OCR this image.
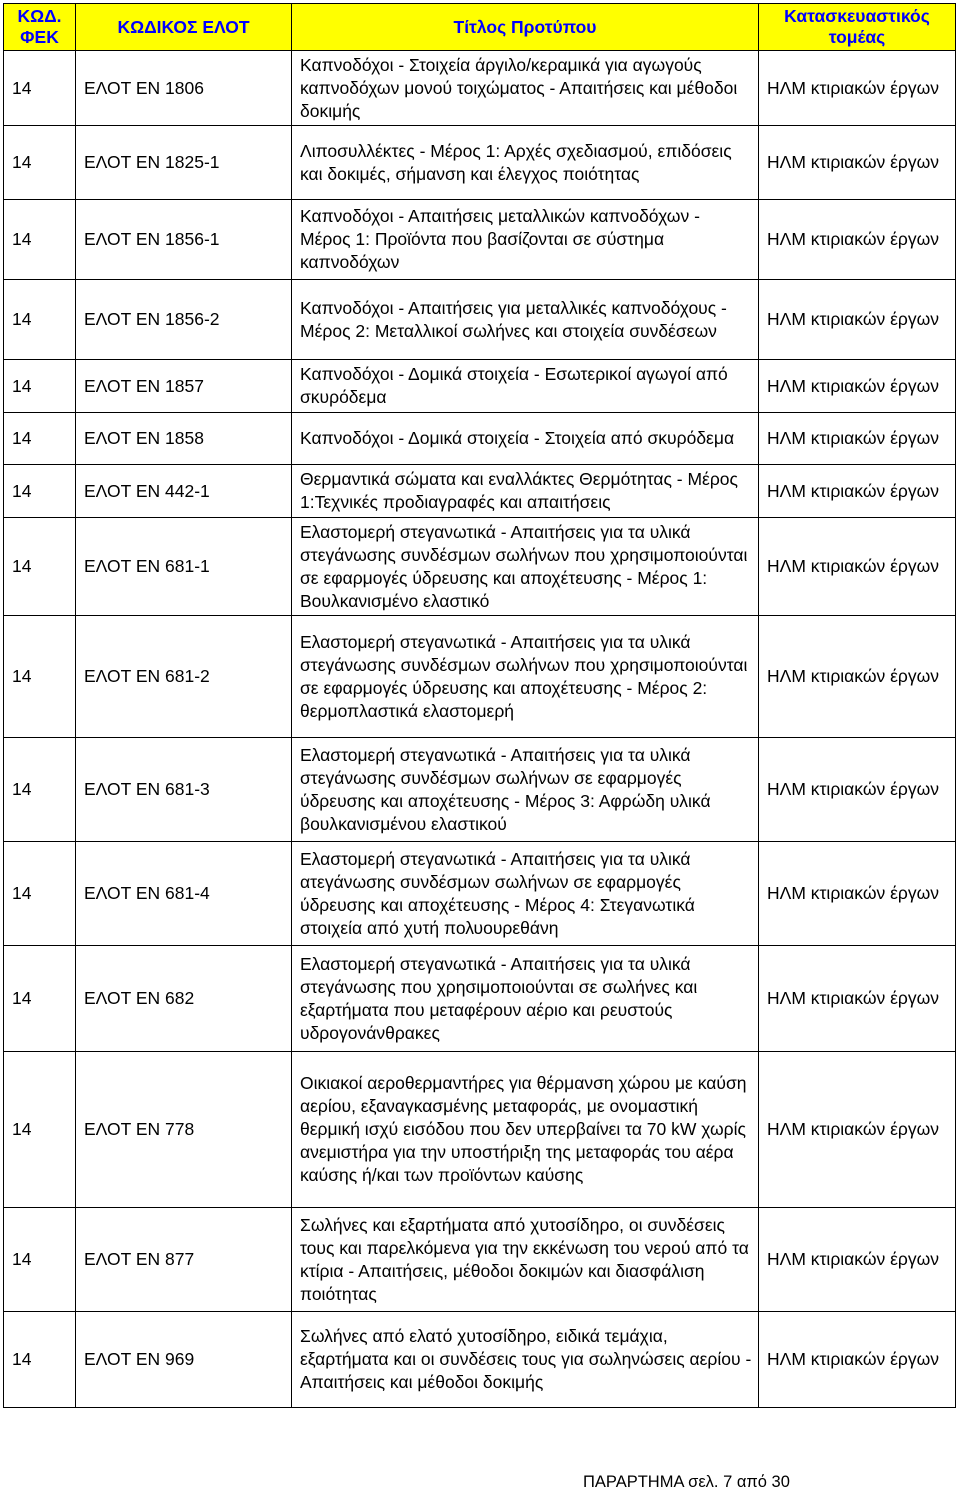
ΚΩΔ. ΦΕΚ	ΚΩΔΙΚΟΣ ΕΛΟΤ	Τίτλος Προτύπου	Κατασκευαστικός τομέας
14	ΕΛΟΤ ΕΝ 1806	Καπνοδόχοι - Στοιχεία άργιλο/κεραμικά για αγωγούς καπνοδόχων μονού τοιχώματος - Απαιτήσεις και μέθοδοι δοκιμής	ΗΛΜ κτιριακών έργων
14	ΕΛΟΤ ΕΝ 1825-1	Λιποσυλλέκτες - Μέρος 1: Αρχές σχεδιασμού, επιδόσεις και δοκιμές, σήμανση και έλεγχος ποιότητας	ΗΛΜ κτιριακών έργων
14	ΕΛΟΤ ΕΝ 1856-1	Καπνοδόχοι - Απαιτήσεις μεταλλικών καπνοδόχων - Μέρος 1: Προϊόντα που βασίζονται σε σύστημα καπνοδόχων	ΗΛΜ κτιριακών έργων
14	ΕΛΟΤ ΕΝ 1856-2	Καπνοδόχοι - Απαιτήσεις για μεταλλικές καπνοδόχους - Μέρος 2: Μεταλλικοί σωλήνες και στοιχεία συνδέσεων	ΗΛΜ κτιριακών έργων
14	ΕΛΟΤ ΕΝ 1857	Καπνοδόχοι - Δομικά στοιχεία - Εσωτερικοί αγωγοί από σκυρόδεμα	ΗΛΜ κτιριακών έργων
14	ΕΛΟΤ ΕΝ 1858	Καπνοδόχοι - Δομικά στοιχεία - Στοιχεία από σκυρόδεμα	ΗΛΜ κτιριακών έργων
14	ΕΛΟΤ ΕΝ 442-1	Θερμαντικά σώματα και εναλλάκτες Θερμότητας - Μέρος 1:Τεχνικές προδιαγραφές και απαιτήσεις	ΗΛΜ κτιριακών έργων
14	ΕΛΟΤ ΕΝ 681-1	Ελαστομερή στεγανωτικά - Απαιτήσεις για τα υλικά στεγάνωσης συνδέσμων σωλήνων που χρησιμοποιούνται σε εφαρμογές ύδρευσης και αποχέτευσης - Μέρος 1: Βουλκανισμένο ελαστικό	ΗΛΜ κτιριακών έργων
14	ΕΛΟΤ ΕΝ 681-2	Ελαστομερή στεγανωτικά - Απαιτήσεις για τα υλικά στεγάνωσης συνδέσμων σωλήνων που χρησιμοποιούνται σε εφαρμογές ύδρευσης και αποχέτευσης - Μέρος 2: θερμοπλαστικά ελαστομερή	ΗΛΜ κτιριακών έργων
14	ΕΛΟΤ ΕΝ 681-3	Ελαστομερή στεγανωτικά - Απαιτήσεις για τα υλικά στεγάνωσης συνδέσμων σωλήνων σε εφαρμογές ύδρευσης και αποχέτευσης - Μέρος 3: Αφρώδη υλικά βουλκανισμένου ελαστικού	ΗΛΜ κτιριακών έργων
14	ΕΛΟΤ ΕΝ 681-4	Ελαστομερή στεγανωτικά - Απαιτήσεις για τα υλικά ατεγάνωσης συνδέσμων σωλήνων σε εφαρμογές ύδρευσης και αποχέτευσης - Μέρος 4: Στεγανωτικά στοιχεία από χυτή πολυουρεθάνη	ΗΛΜ κτιριακών έργων
14	ΕΛΟΤ ΕΝ 682	Ελαστομερή στεγανωτικά - Απαιτήσεις για τα υλικά στεγάνωσης που χρησιμοποιούνται σε σωλήνες και εξαρτήματα που μεταφέρουν αέριο και ρευστούς υδρογονάνθρακες	ΗΛΜ κτιριακών έργων
14	ΕΛΟΤ ΕΝ 778	Οικιακοί αεροθερμαντήρες για θέρμανση χώρου με καύση αερίου, εξαναγκασμένης μεταφοράς, με ονομαστική θερμική ισχύ εισόδου που δεν υπερβαίνει τα 70 kW χωρίς ανεμιστήρα για την υποστήριξη της μεταφοράς του αέρα καύσης ή/και των προϊόντων καύσης	ΗΛΜ κτιριακών έργων
14	ΕΛΟΤ ΕΝ 877	Σωλήνες και εξαρτήματα από χυτοσίδηρο, οι συνδέσεις τους και παρελκόμενα για την εκκένωση του νερού από τα κτίρια - Απαιτήσεις, μέθοδοι δοκιμών και διασφάλιση ποιότητας	ΗΛΜ κτιριακών έργων
14	ΕΛΟΤ ΕΝ 969	Σωλήνες από ελατό χυτοσίδηρο, ειδικά τεμάχια, εξαρτήματα και οι συνδέσεις τους για σωληνώσεις αερίου - Απαιτήσεις και μέθοδοι δοκιμής	ΗΛΜ κτιριακών έργων
ΠΑΡΑΡΤΗΜΑ σελ. 7 από 30
